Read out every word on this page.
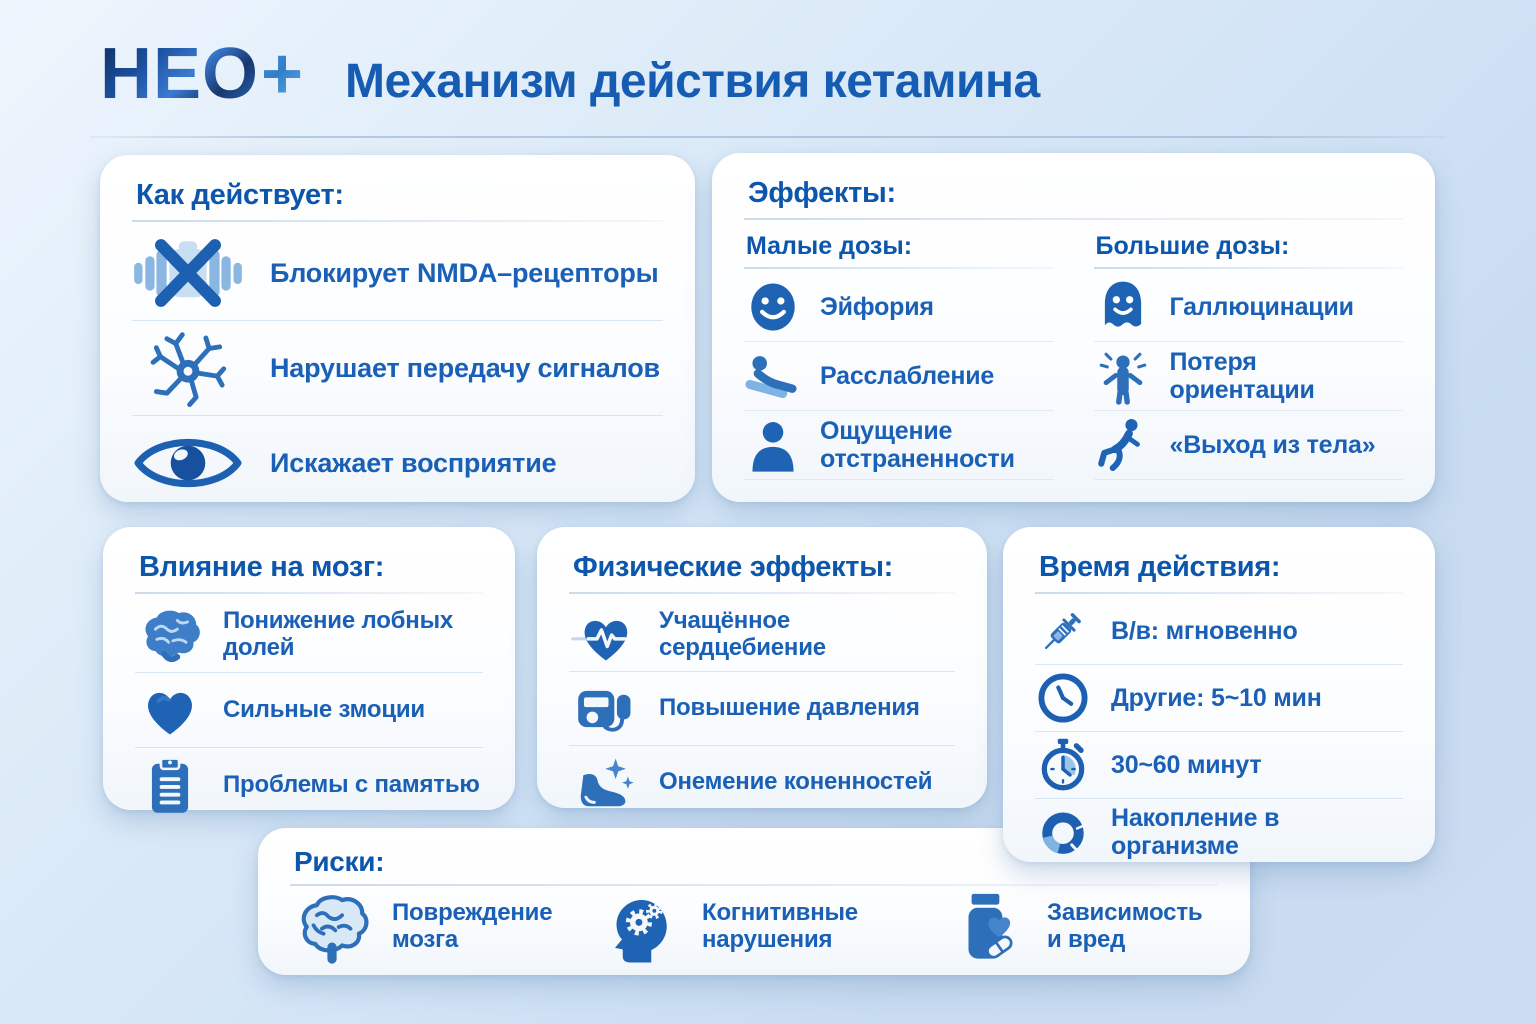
НЕО + Механизм действия кетамина
Риски:
Повреждение мозга
Когнитивные нарушения
Зависимость и вред
Как действует:
Блокирует NMDA–рецепторы
Нарушает передачу сигналов
Искажает восприятие
Эффекты:
Малые дозы:
Эйфория
Расслабление
Ощущение отстраненности
Большие дозы:
Галлюцинации
Потеря ориентации
«Выход из тела»
Влияние на мозг:
Понижение лобных долей
Сильные змоции
Проблемы с памятью
Физические эффекты:
Учащённое сердцебиение
Повышение давления
Онемение коненностей
Время действия:
В/в: мгновенно
Другие: 5~10 мин
30~60 минут
Накопление в организме
